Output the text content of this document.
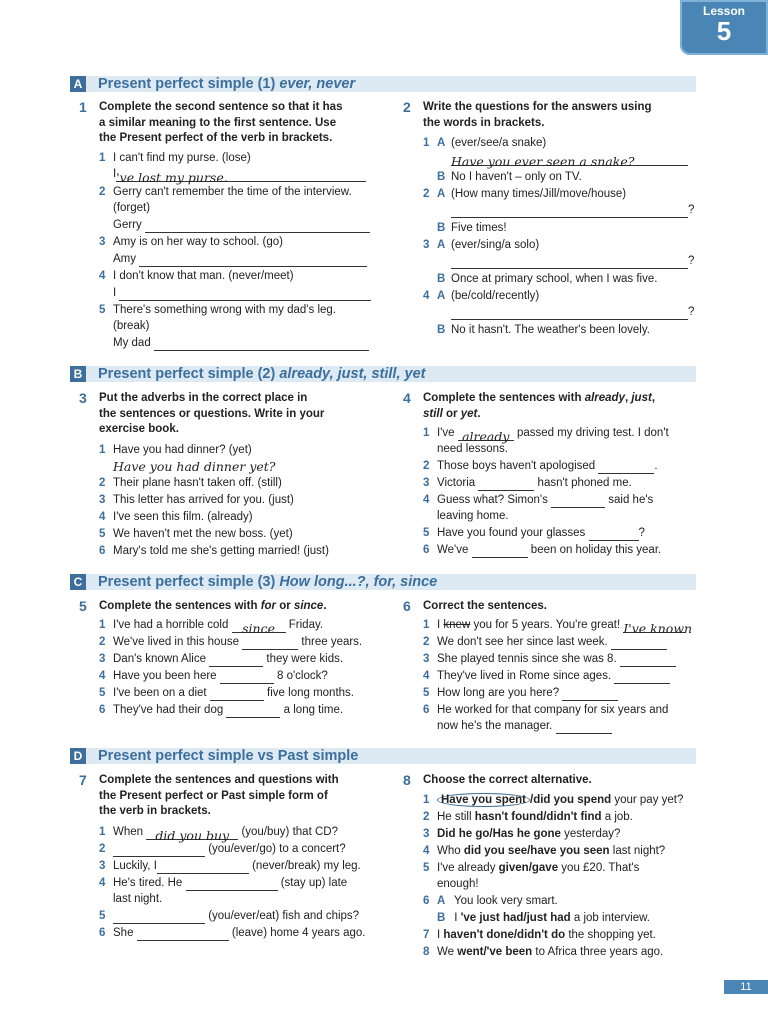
Lesson
5
A Present perfect simple (1) ever, never
1 Complete the second sentence so that it has
a similar meaning to the first sentence. Use
the Present perfect of the verb in brackets.
1 I can't find my purse. (lose)
I've lost my purse.
2 Gerry can't remember the time of the interview.
(forget)
Gerry
3 Amy is on her way to school. (go)
Amy
4 I don't know that man. (never/meet)
I
5 There's something wrong with my dad's leg.
(break)
My dad
2 Write the questions for the answers using
the words in brackets.
1 A (ever/see/a snake)
Have you ever seen a snake?
B No I haven't – only on TV.
2 A (How many times/Jill/move/house)
?
B Five times!
3 A (ever/sing/a solo)
?
B Once at primary school, when I was five.
4 A (be/cold/recently)
?
B No it hasn't. The weather's been lovely.
B Present perfect simple (2) already, just, still, yet
3 Put the adverbs in the correct place in
the sentences or questions. Write in your
exercise book.
1 Have you had dinner? (yet)
Have you had dinner yet?
2 Their plane hasn't taken off. (still)
3 This letter has arrived for you. (just)
4 I've seen this film. (already)
5 We haven't met the new boss. (yet)
6 Mary's told me she's getting married! (just)
4 Complete the sentences with already, just,
still or yet.
1 I've already passed my driving test. I don't
need lessons.
2 Those boys haven't apologised	.
3 Victoria	hasn't phoned me.
4 Guess what? Simon's	said he's
leaving home.
5 Have you found your glasses	?
6 We've	been on holiday this year.
C Present perfect simple (3) How long...?, for, since
5 Complete the sentences with for or since.
1 I've had a horrible cold since Friday.
2 We've lived in this house	three years.
3 Dan's known Alice	they were kids.
4 Have you been here	8 o'clock?
5 I've been on a diet	five long months.
6 They've had their dog	a long time.
6 Correct the sentences.
1 I knew you for 5 years. You're great! I've known
2 We don't see her since last week.
3 She played tennis since she was 8.
4 They've lived in Rome since ages.
5 How long are you here?
6 He worked for that company for six years and
now he's the manager.
D Present perfect simple vs Past simple
7 Complete the sentences and questions with
the Present perfect or Past simple form of
the verb in brackets.
1 When did you buy (you/buy) that CD?
2	(you/ever/go) to a concert?
3 Luckily, I	(never/break) my leg.
4 He's tired. He	(stay up) late
last night.
5	(you/ever/eat) fish and chips?
6 She	(leave) home 4 years ago.
8 Choose the correct alternative.
1 Have you spent /did you spend your pay yet?
2 He still hasn't found/didn't find a job.
3 Did he go/Has he gone yesterday?
4 Who did you see/have you seen last night?
5 I've already given/gave you £20. That's
enough!
6 A You look very smart.
B I 've just had/just had a job interview.
7 I haven't done/didn't do the shopping yet.
8 We went/'ve been to Africa three years ago.
11
